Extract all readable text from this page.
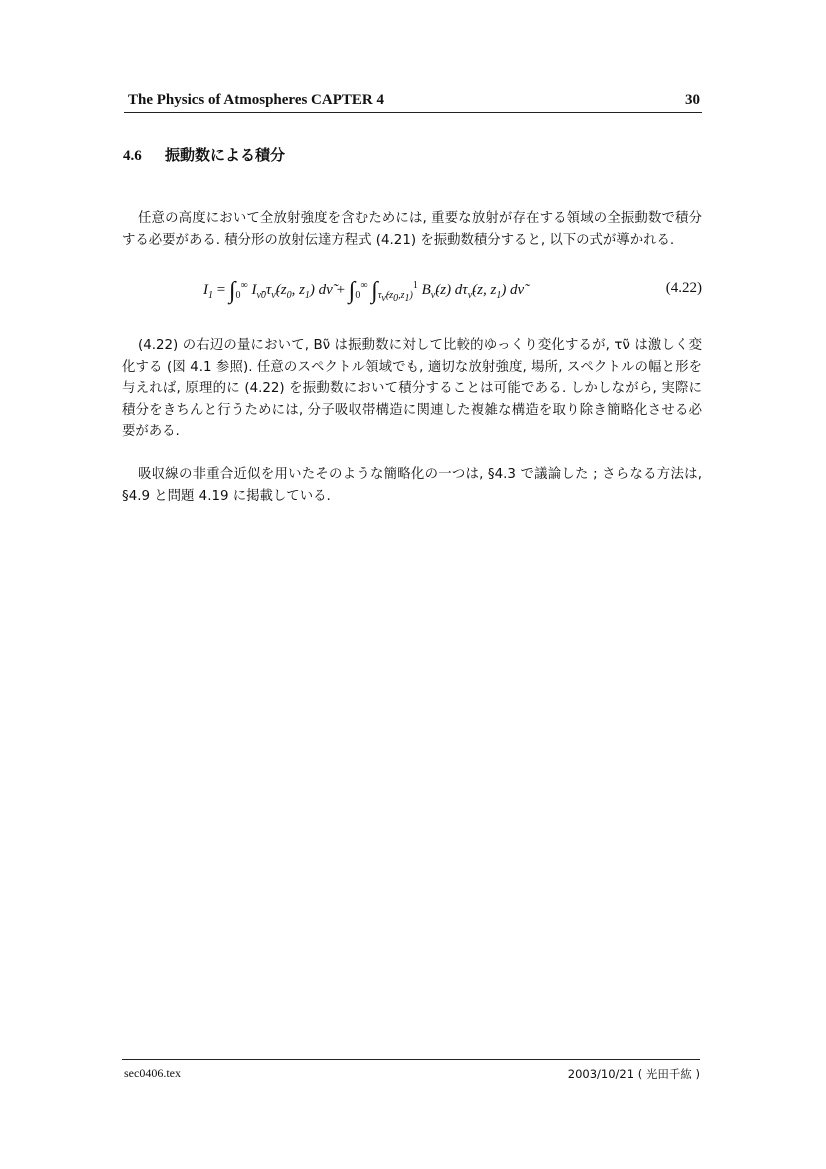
The Physics of Atmospheres CAPTER 4	30
4.6 振動数による積分

任意の高度において全放射強度を含むためには, 重要な放射が存在する領域の全振動数で積分する必要がある. 積分形の放射伝達方程式 (4.21) を振動数積分すると, 以下の式が導かれる.

$I_1 = \int_0^\infty$ $I_{\nũ0}\tau_{\nũ}(z_0$, $z_1$) dν̃ + $\int_0^\infty$ $\int_{\tau_{\nũ}(z_0,z_1)}^1$ $B_{\nũ}(z)$ $d\tau_{\nũ}(z$, $z_1$) dν̃	(4.22)

(4.22) の右辺の量において, Bν̃ は振動数に対して比較的ゆっくり変化するが, τν̃ は激しく変化する (図 4.1 参照). 任意のスペクトル領域でも, 適切な放射強度, 場所, スペクトルの幅と形を与えれば, 原理的に (4.22) を振動数において積分することは可能である. しかしながら, 実際に積分をきちんと行うためには, 分子吸収帯構造に関連した複雑な構造を取り除き簡略化させる必要がある.

吸収線の非重合近似を用いたそのような簡略化の一つは, §4.3 で議論した ; さらなる方法は, §4.9 と問題 4.19 に掲載している.

sec0406.tex	2003/10/21 ( 光田千紘 )
